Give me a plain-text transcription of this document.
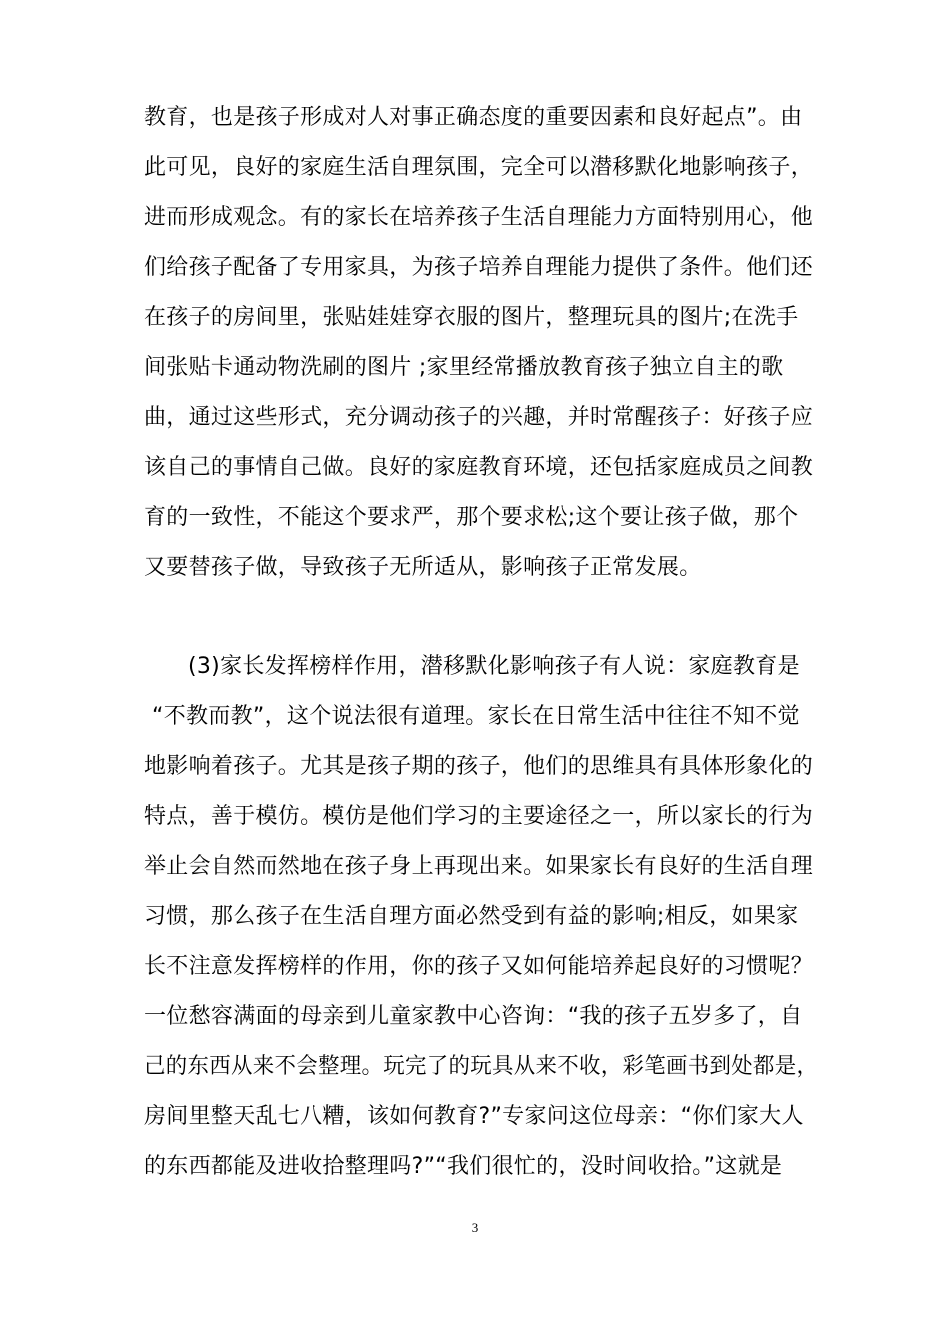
教育，也是孩子形成对人对事正确态度的重要因素和良好起点”。由
此可见，良好的家庭生活自理氛围，完全可以潜移默化地影响孩子，
进而形成观念。有的家长在培养孩子生活自理能力方面特别用心，他
们给孩子配备了专用家具，为孩子培养自理能力提供了条件。他们还
在孩子的房间里，张贴娃娃穿衣服的图片，整理玩具的图片;在洗手
间张贴卡通动物洗刷的图片 ;家里经常播放教育孩子独立自主的歌
曲，通过这些形式，充分调动孩子的兴趣，并时常醒孩子：好孩子应
该自己的事情自己做。良好的家庭教育环境，还包括家庭成员之间教
育的一致性，不能这个要求严，那个要求松;这个要让孩子做，那个
又要替孩子做，导致孩子无所适从，影响孩子正常发展。
(3)家长发挥榜样作用，潜移默化影响孩子有人说：家庭教育是
“不教而教”，这个说法很有道理。家长在日常生活中往往不知不觉
地影响着孩子。尤其是孩子期的孩子，他们的思维具有具体形象化的
特点，善于模仿。模仿是他们学习的主要途径之一，所以家长的行为
举止会自然而然地在孩子身上再现出来。如果家长有良好的生活自理
习惯，那么孩子在生活自理方面必然受到有益的影响;相反，如果家
长不注意发挥榜样的作用，你的孩子又如何能培养起良好的习惯呢？
一位愁容满面的母亲到儿童家教中心咨询：“我的孩子五岁多了，自
己的东西从来不会整理。玩完了的玩具从来不收，彩笔画书到处都是，
房间里整天乱七八糟，该如何教育?”专家问这位母亲：“你们家大人
的东西都能及进收拾整理吗?”“我们很忙的，没时间收拾。”这就是
3
